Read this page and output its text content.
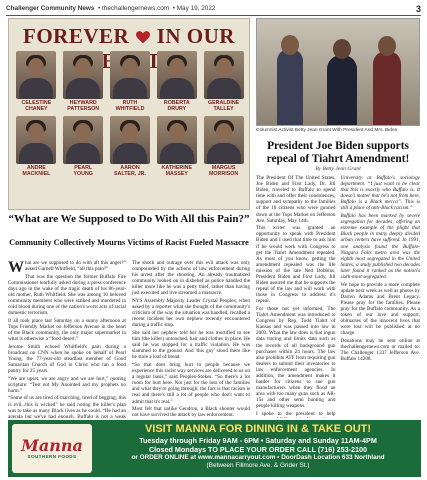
Challenger Community News  • thechallengernews.com  • May 19, 2022	3
FOREVER IN OUR
CELESTINE
CHANEY
HEYWARD
PATTERSON
RUTH
WHITFIELD
ROBERTA
DRURY
GERALDINE
TALLEY
ANDRE
MACKNIEL
PEARL
YOUNG
AARON
SALTER, JR.
KATHERINE
MASSEY
MARGUS
MORRISON
Columnist Activist Betty Jean Grant With President And Mrs. Biden
President Joe Biden supports repeal of Tiahrt Amendment!
By Betty Jean Grant
“What are We Supposed to Do With All this Pain?”
Community Collectively Mourns Victims of Racist Fueled Massacre

What are we supposed to do with all this anger?” asked Garnell Whitfield, “all this pain?”

That was the question the former Buffalo Fire Commissioner tearfully asked during a press conference days ago in the wake of the tragic death of his 86-year-old mother, Ruth Whitfield. She was among 10 beloved community members who were stalked and murdered in cold blood during one of the nation's worst acts of racial domestic terrorism.

It all took place last Saturday on a sunny afternoon at Tops Friendly Market on Jefferson Avenue in the heart of the Black community, the only major supermarket in what is otherwise a “food desert.”

Jerome Smith echoed Whitfield's pain during a broadcast on CNN when he spoke on behalf of Pearl Young, the 77-year-old steadfast member of Good Samaritan Church of God in Christ who ran a food pantry for 25 years.

“We are upset, we are angry and we are hurt,” quoting scripture: “Test not My Anointed and my prophets no harm.”

“Some of us are tired of marching, tired of begging, this is evil...this is wicked” he said noting the killer's plan was to take as many Black lives as he could. “He had an agenda but we've had enough. Buffalo is not a weak

The shock and outrage over this evil attack was only compounded by the actions of law enforcement during his arrest after the shooting. An already traumatized community looked on in disbelief as police handled the killer more like he was a petty thief, rather than having just executed and live streamed a massacre.

NYS Assembly Majority Leader Crystal Peoples, when asked by a reporter what she thought of the community's criticism of the way the situation was handled, recalled a recent incident her own nephew recently encountered during a traffic stop.

She said her nephew told her he was mortified to see him (the killer) untouched, hair and clothes in place. He said he was stopped for a traffic violation. He was slammed to the ground. And 'this guy' stood there like he stole a loaf of bread.

“So that does bring hurt to people because we experience this racist way services are delivered to us on a regular basis,” said Peoples-Stokes. “So there's a lot room for hurt here. Not just for the loss of the families and what they're going through; the fact is that racism is real and there's still a lot of people who don't want to admit that it's real.”

Most felt that unlike Gendron, a Black shooter would not have survived the attack by law enforcement.

The President Of The United States, Joe Biden and First Lady, Dr. Jill Biden, traveled to Buffalo to spend time with and offer their condolences, support and sympathy to the families of the 10 citizens who were gunned down at the Tops Market on Jefferson Ave. Saturday, May 14th.

This writer was granted an opportunity to speak with President Biden and I used that time to ask him if he would work with Congress to get the Tiahrt Amendment repealed. As most of you know, getting the amendment repealed was the life mission of the late Ned Dobbins, President Biden and First Lady, Jill Biden assured me that he supports the repeal of the law and will work with those in Congress to address it's repeal.

For those not yet informed, The Tiahrt Amendment was introduced to Congress by Rep. Todd Tiahrt of Kansas and was passed into law in 2003. What the law does is that ingun data tracing and limits data such as the records of all background gun purchases within 24 hours. The law also prohibits ATF from requiring gun dealers to submit their inventories to law enforcement agencies. In addition, the amendment makes it harder for citizens to sue gun manufacturers when they flood an area with too many guns such as AR-15s and other semi hunting and people killing weapons.

I spoke to the president to help

University at Buffalo's sociology department. “I just want to be clear that this is exactly who Buffalo is. It doesn't matter that he's not from here. Buffalo is a Black mecca”. This is still a place of anti-Black racism.”

Buffalo has been marked by severe segregation for decades, offering an extreme example of the plight that Black people in many deeply divided urban centers have suffered. In 1991, one analysis found the Buffalo-Niagara Falls metro area was the eighth most segregated in the United States; a study published two decades later found it ranked as the nation's sixth-most segregated.

We hope to provide a more complete update next week as well as photos by Darren Adams and Brent Legacy. Please pray for the families. Please pray for the Buffalo community. As a token of our love and support, obituaries of the innocent lives that were lost will be published at no charge.

Donations may be sent online at thechallengernews.com or mailed to: The Challenger 1337 Jefferson Ave. Buffalo 14208.

Manna
SOUTHERN FOODS
VISIT MANNA FOR DINING IN & TAKE OUT!
Tuesday through Friday 9AM - 6PM • Saturday and Sunday 11AM-4PM
Closed Mondays TO PLACE YOUR ORDER CALL (716) 253-2100
or ORDER ONLINE at www.mannacarryout.com • DoorDash Location 633 Northland
(Between Fillmore Ave. & Grider St.)
